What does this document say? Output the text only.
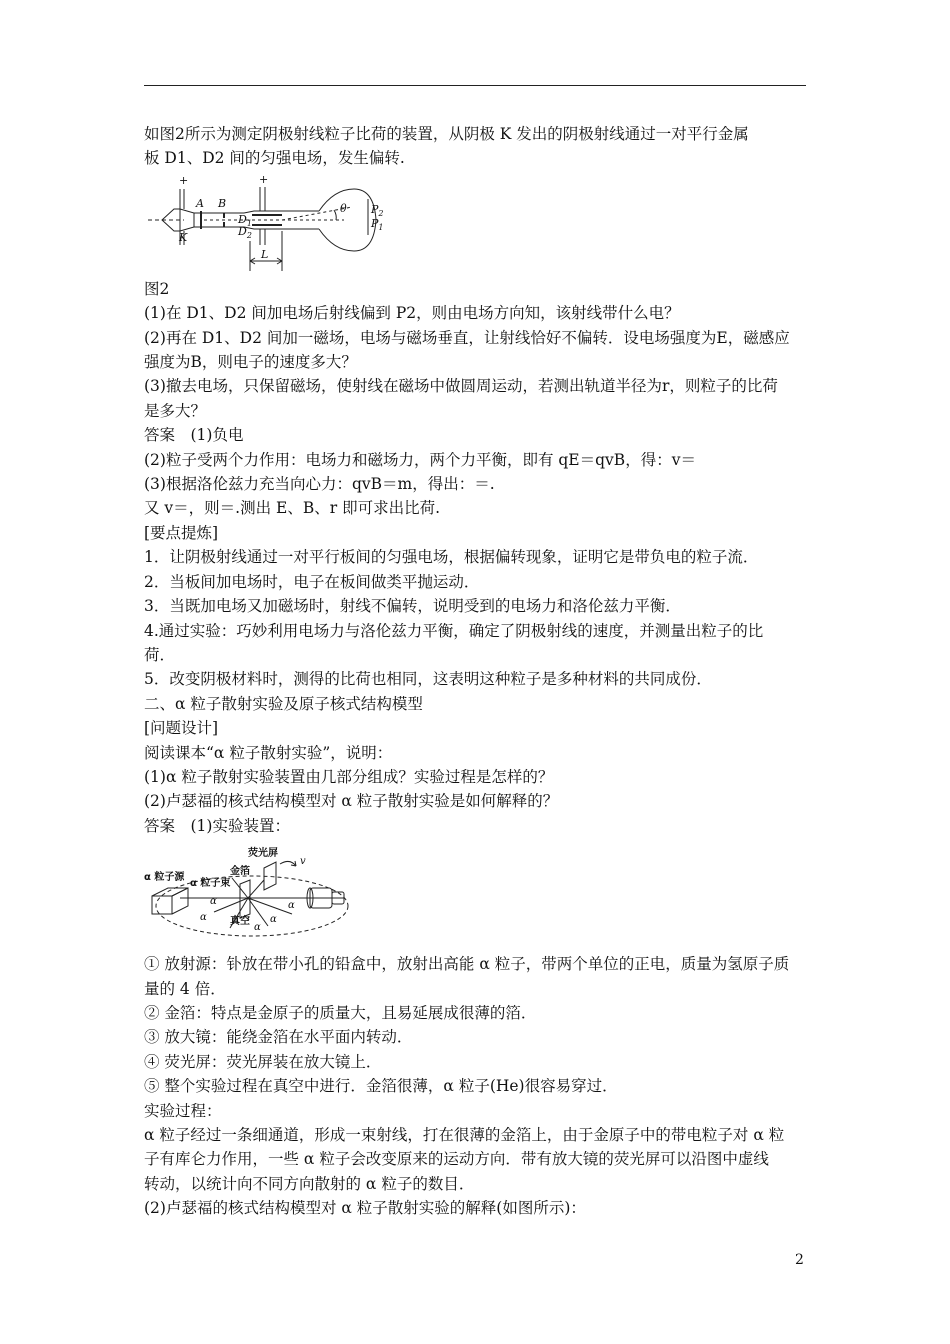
如图2所示为测定阴极射线粒子比荷的装置，从阴极 K 发出的阴极射线通过一对平行金属

板 D1、D2 间的匀强电场，发生偏转.

+	+
A B
K
$D_1$
$D_2$
θ $P_2$
$P_1$
L

图2

(1)在 D1、D2 间加电场后射线偏到 P2，则由电场方向知，该射线带什么电？

(2)再在 D1、D2 间加一磁场，电场与磁场垂直，让射线恰好不偏转．设电场强度为E，磁感应

强度为B，则电子的速度多大？

(3)撤去电场，只保留磁场，使射线在磁场中做圆周运动，若测出轨道半径为r，则粒子的比荷

是多大？

答案　(1)负电

(2)粒子受两个力作用：电场力和磁场力，两个力平衡，即有 qE＝qvB，得：v＝

(3)根据洛伦兹力充当向心力：qvB＝m，得出：＝.

又 v＝，则＝.测出 E、B、r 即可求出比荷.

[要点提炼]

1．让阴极射线通过一对平行板间的匀强电场，根据偏转现象，证明它是带负电的粒子流．

2．当板间加电场时，电子在板间做类平抛运动．

3．当既加电场又加磁场时，射线不偏转，说明受到的电场力和洛伦兹力平衡．

4.通过实验：巧妙利用电场力与洛伦兹力平衡，确定了阴极射线的速度，并测量出粒子的比

荷．

5．改变阴极材料时，测得的比荷也相同，这表明这种粒子是多种材料的共同成份．

二、α 粒子散射实验及原子核式结构模型

[问题设计]

阅读课本“α 粒子散射实验”，说明：

(1)α 粒子散射实验装置由几部分组成？实验过程是怎样的？

(2)卢瑟福的核式结构模型对 α 粒子散射实验是如何解释的？

答案　(1)实验装置：

荧光屏
v
α 粒子源
α 粒子束
金箔
真空
α
α
α
α
α

① 放射源：钋放在带小孔的铅盒中，放射出高能 α 粒子，带两个单位的正电，质量为氢原子质

量的 4 倍．

② 金箔：特点是金原子的质量大，且易延展成很薄的箔．

③ 放大镜：能绕金箔在水平面内转动．

④ 荧光屏：荧光屏装在放大镜上．

⑤ 整个实验过程在真空中进行．金箔很薄，α 粒子(He)很容易穿过．

实验过程：

α 粒子经过一条细通道，形成一束射线，打在很薄的金箔上，由于金原子中的带电粒子对 α 粒

子有库仑力作用，一些 α 粒子会改变原来的运动方向．带有放大镜的荧光屏可以沿图中虚线

转动，以统计向不同方向散射的 α 粒子的数目．

(2)卢瑟福的核式结构模型对 α 粒子散射实验的解释(如图所示)：

2
